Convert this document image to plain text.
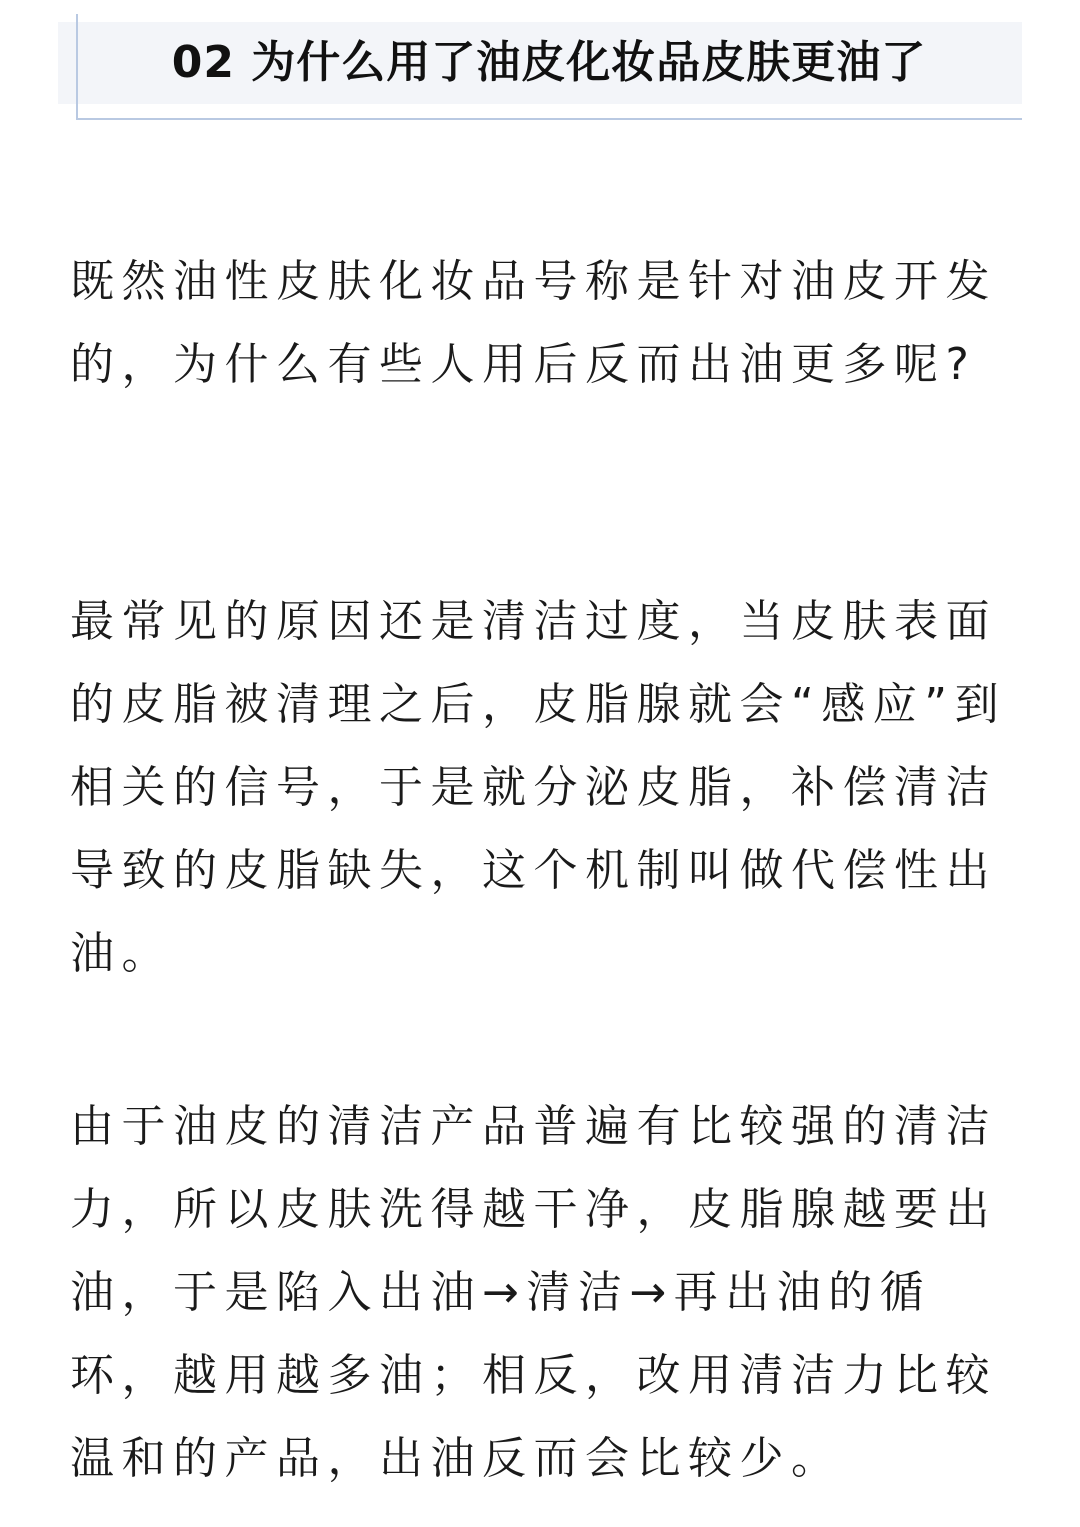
02 为什么用了油皮化妆品皮肤更油了

既然油性皮肤化妆品号称是针对油皮开发的，为什么有些人用后反而出油更多呢?

最常见的原因还是清洁过度，当皮肤表面的皮脂被清理之后，皮脂腺就会“感应”到相关的信号，于是就分泌皮脂，补偿清洁导致的皮脂缺失，这个机制叫做代偿性出油。

由于油皮的清洁产品普遍有比较强的清洁力，所以皮肤洗得越干净，皮脂腺越要出油，于是陷入出油→清洁→再出油的循环，越用越多油；相反，改用清洁力比较温和的产品，出油反而会比较少。
